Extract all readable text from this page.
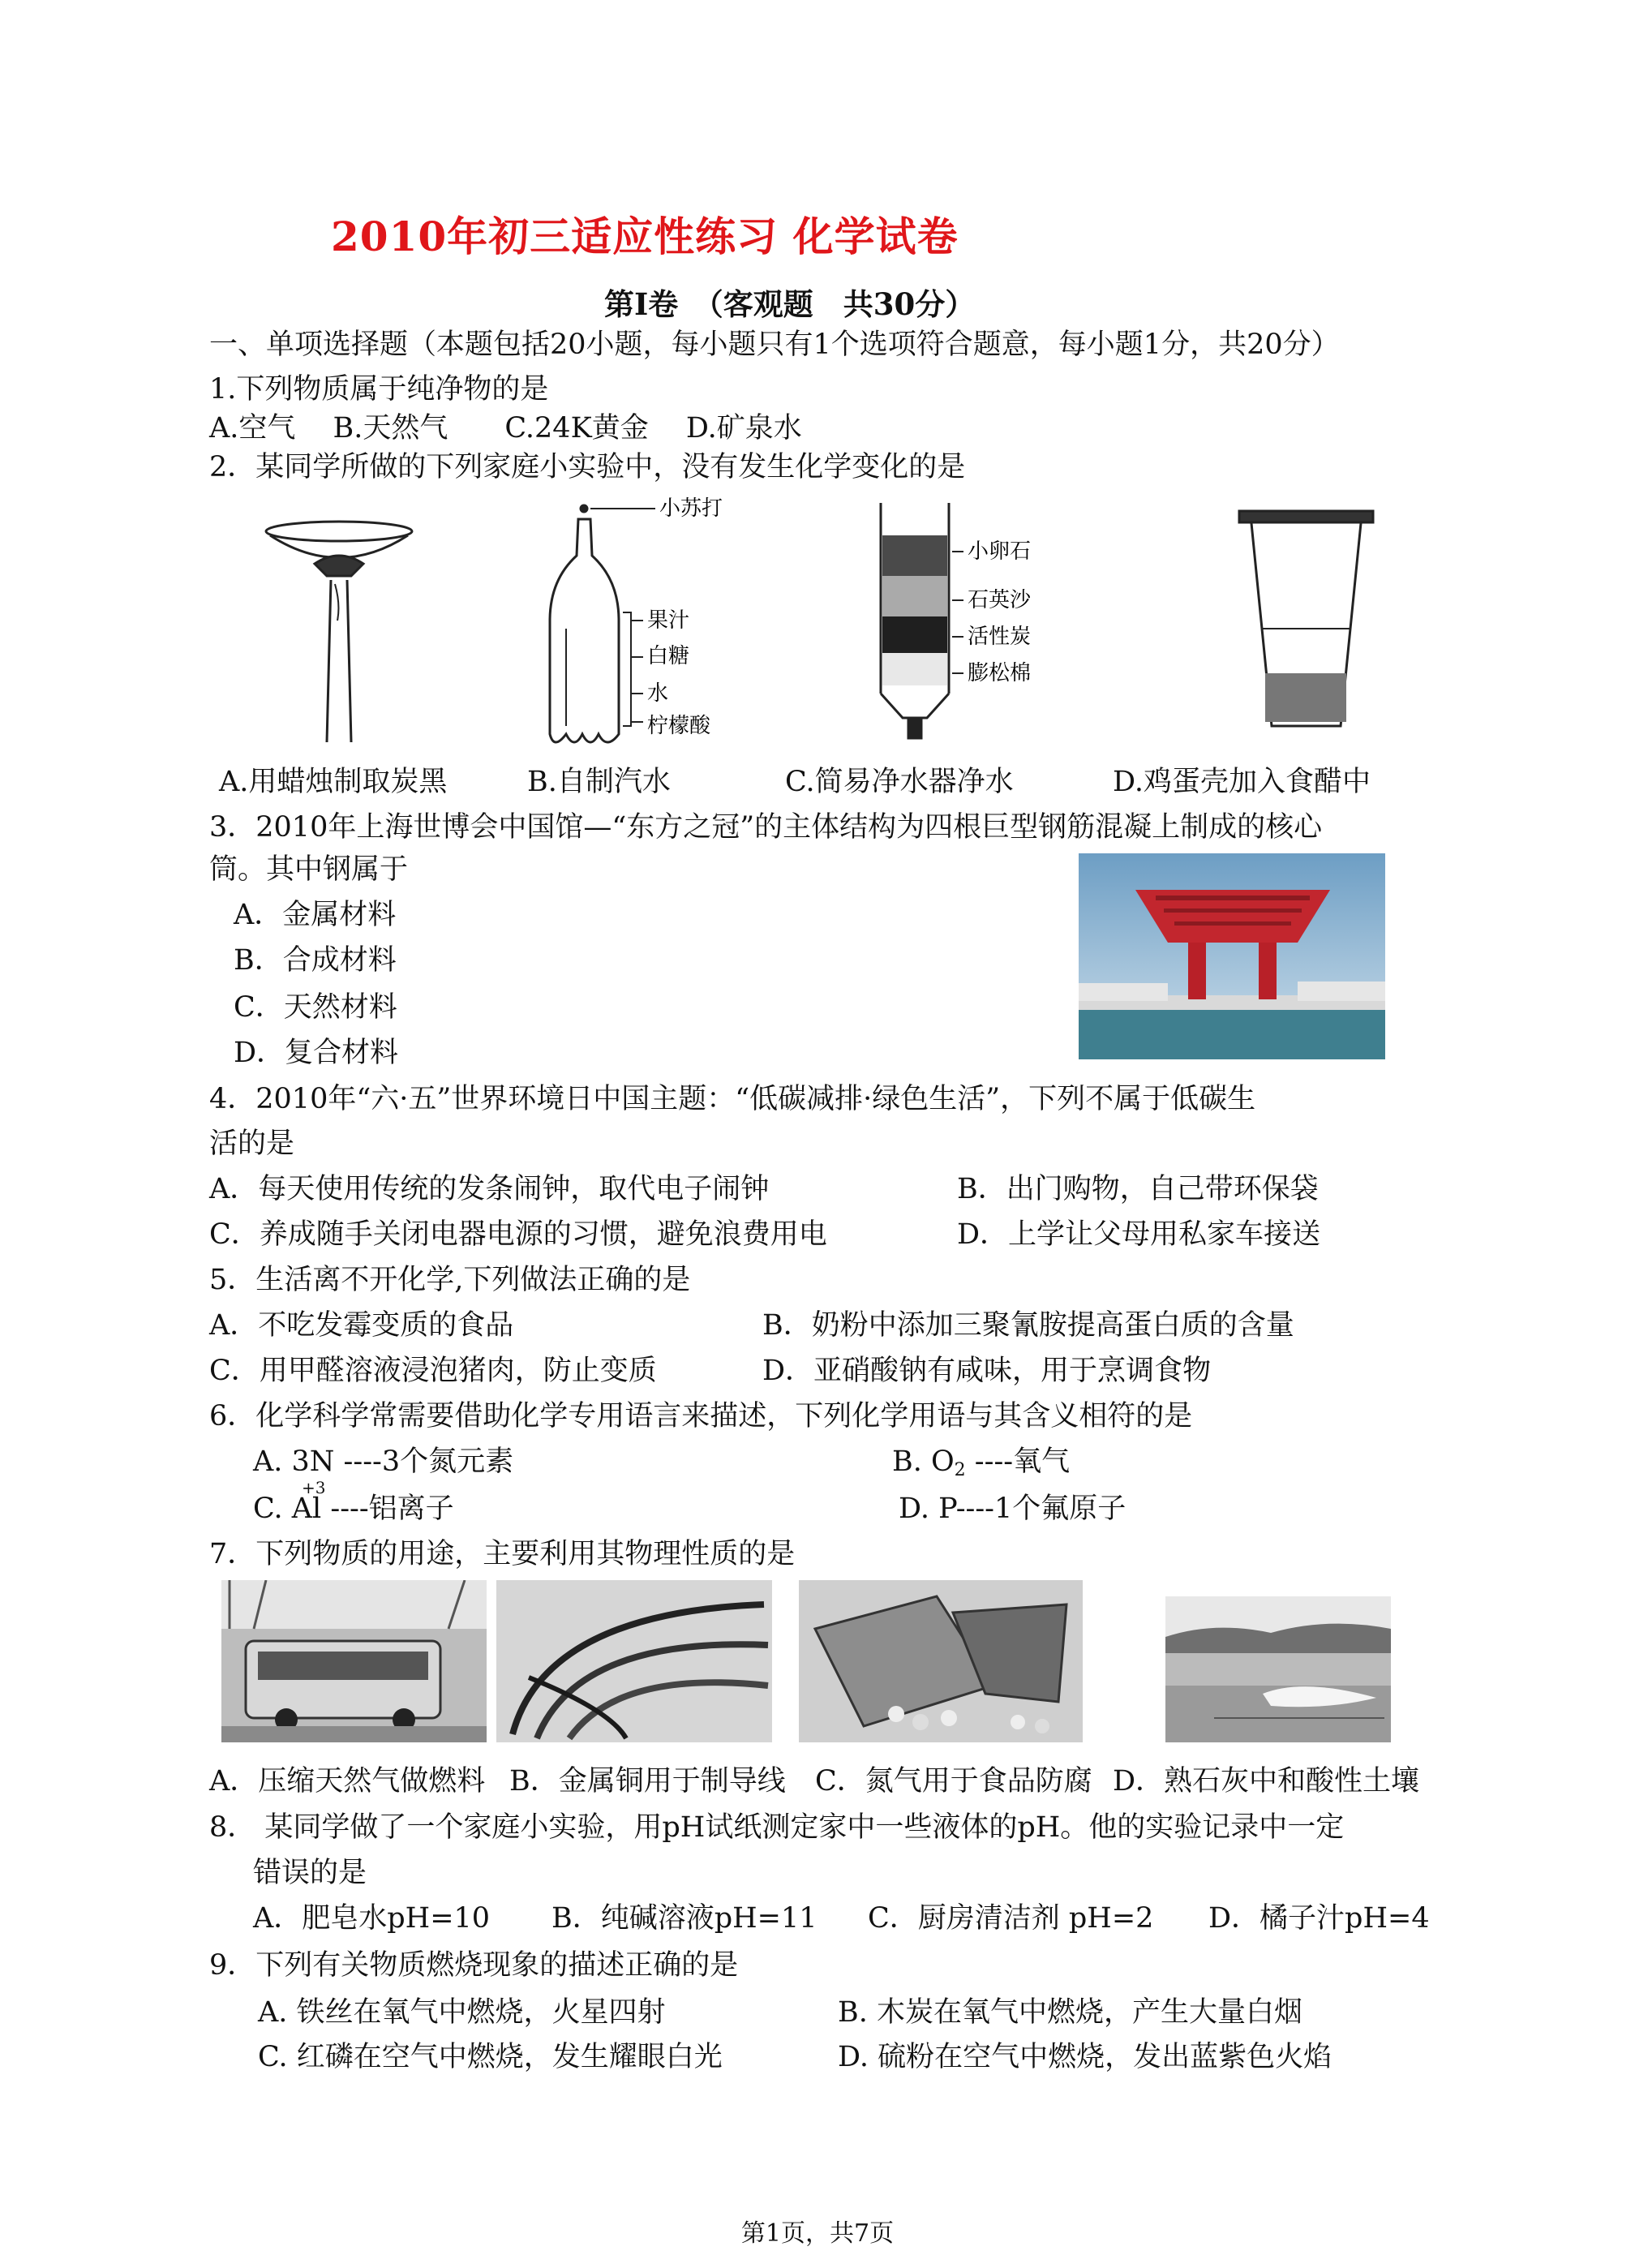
2010年初三适应性练习 化学试卷
第Ⅰ卷　（客观题　共30分）
一、单项选择题（本题包括20小题，每小题只有1个选项符合题意，每小题1分，共20分）
1.下列物质属于纯净物的是
A.空气　 B.天然气　　C.24K黄金　 D.矿泉水
2．某同学所做的下列家庭小实验中，没有发生化学变化的是
小苏打
果汁
白糖
水
柠檬酸
小卵石
石英沙
活性炭
膨松棉
A.用蜡烛制取炭黑	B.自制汽水	C.简易净水器净水	D.鸡蛋壳加入食醋中
3．2010年上海世博会中国馆—“东方之冠”的主体结构为四根巨型钢筋混凝上制成的核心
筒。其中钢属于
A．金属材料
B．合成材料
C．天然材料
D．复合材料
4．2010年“六·五”世界环境日中国主题：“低碳减排·绿色生活”，下列不属于低碳生
活的是
A．每天使用传统的发条闹钟，取代电子闹钟	B．出门购物，自己带环保袋
C．养成随手关闭电器电源的习惯，避免浪费用电	D．上学让父母用私家车接送
5．生活离不开化学,下列做法正确的是
A．不吃发霉变质的食品	B．奶粉中添加三聚氰胺提高蛋白质的含量
C．用甲醛溶液浸泡猪肉，防止变质	D．亚硝酸钠有咸味，用于烹调食物
6．化学科学常需要借助化学专用语言来描述，下列化学用语与其含义相符的是
A. 3N ----3个氮元素	B. $O_2$ ----氧气
+3
C. Al ----铝离子	D. P----1个氟原子
7．下列物质的用途，主要利用其物理性质的是
A．压缩天然气做燃料 B．金属铜用于制导线 C．氮气用于食品防腐 D．熟石灰中和酸性土壤
8． 某同学做了一个家庭小实验，用pH试纸测定家中一些液体的pH。他的实验记录中一定
错误的是
A．肥皂水pH=10 B．纯碱溶液pH=11 C．厨房清洁剂 pH=2 D．橘子汁pH=4
9．下列有关物质燃烧现象的描述正确的是
A. 铁丝在氧气中燃烧，火星四射	B. 木炭在氧气中燃烧，产生大量白烟
C. 红磷在空气中燃烧，发生耀眼白光	D. 硫粉在空气中燃烧，发出蓝紫色火焰
第1页，共7页
